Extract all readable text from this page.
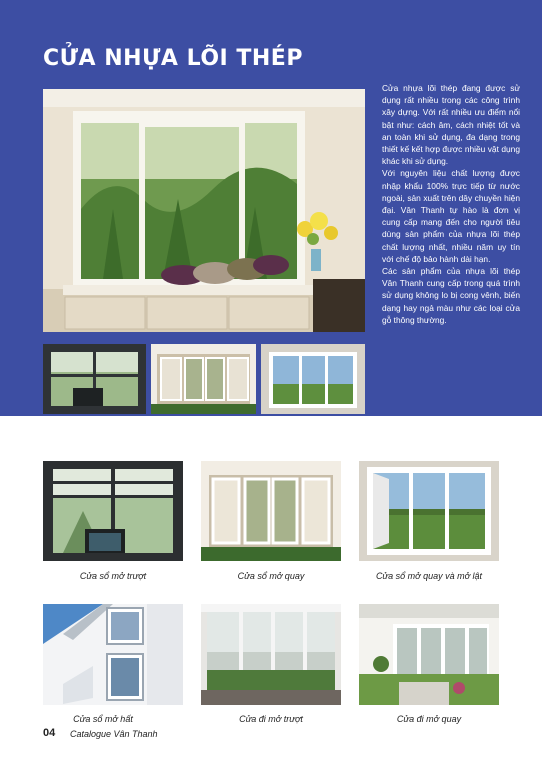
CỬA NHỰA LÕI THÉP

Cửa nhựa lõi thép đang được sử dụng rất nhiều trong các công trình xây dựng. Với rất nhiều ưu điểm nổi bật như: cách âm, cách nhiệt tốt và an toàn khi sử dụng, đa dạng trong thiết kế kết hợp được nhiều vật dụng khác khi sử dụng.

Với nguyên liệu chất lượng được nhập khẩu 100% trực tiếp từ nước ngoài, sản xuất trên dây chuyền hiện đại. Vân Thanh tự hào là đơn vị cung cấp mang đến cho người tiêu dùng sản phẩm của nhựa lõi thép chất lượng nhất, nhiều năm uy tín với chế độ bảo hành dài hạn.

Các sản phẩm của nhựa lõi thép Vân Thanh cung cấp trong quá trình sử dụng không lo bị cong vênh, biến dạng hay ngả màu như các loại cửa gỗ thông thường.

Cửa sổ mở trượt	Cửa sổ mở quay	Cửa sổ mở quay và mở lật
Cửa sổ mở hất	Cửa đi mở trượt	Cửa đi mở quay
04 Catalogue Vân Thanh
